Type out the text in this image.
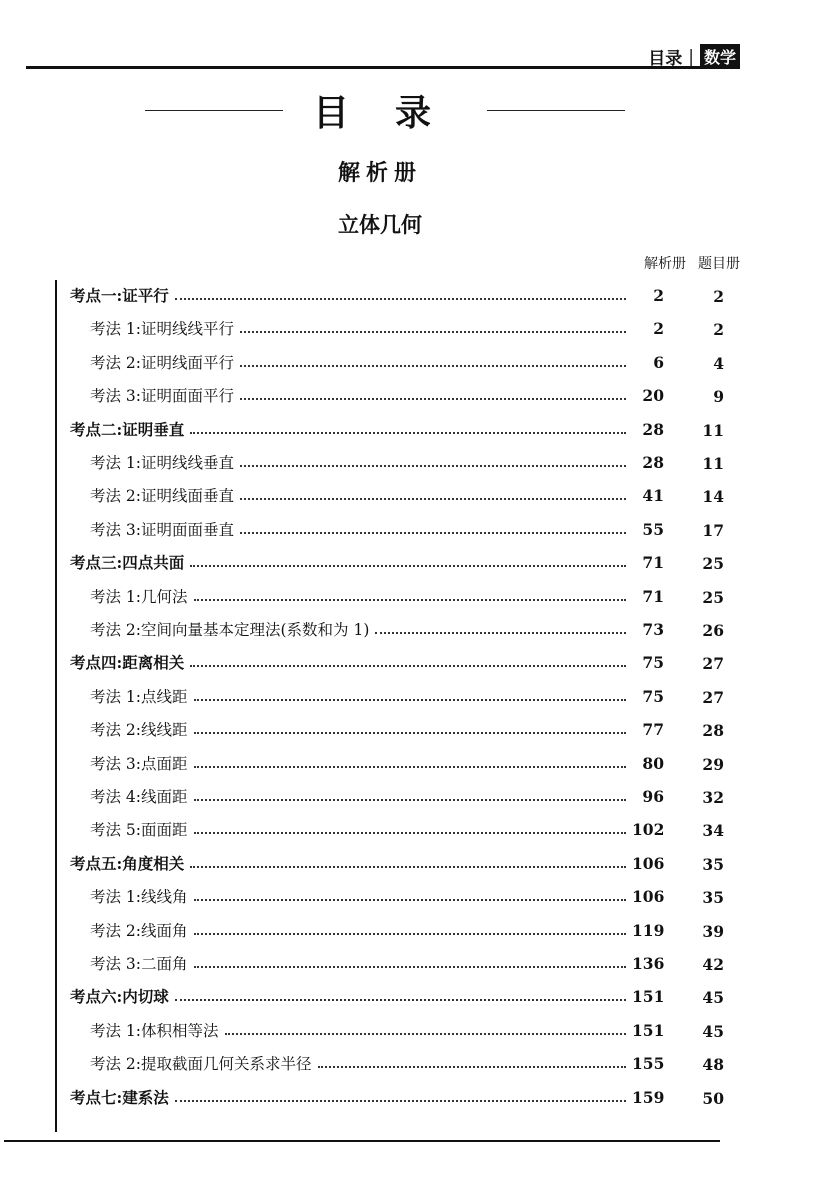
目录 | 数学
目录
解析册
立体几何
解析册 题目册
考点一:证平行	2	2
考法 1:证明线线平行	2	2
考法 2:证明线面平行	6	4
考法 3:证明面面平行	20	9
考点二:证明垂直	28	11
考法 1:证明线线垂直	28	11
考法 2:证明线面垂直	41	14
考法 3:证明面面垂直	55	17
考点三:四点共面	71	25
考法 1:几何法	71	25
考法 2:空间向量基本定理法(系数和为 1)	73	26
考点四:距离相关	75	27
考法 1:点线距	75	27
考法 2:线线距	77	28
考法 3:点面距	80	29
考法 4:线面距	96	32
考法 5:面面距	102	34
考点五:角度相关	106	35
考法 1:线线角	106	35
考法 2:线面角	119	39
考法 3:二面角	136	42
考点六:内切球	151	45
考法 1:体积相等法	151	45
考法 2:提取截面几何关系求半径	155	48
考点七:建系法	159	50
